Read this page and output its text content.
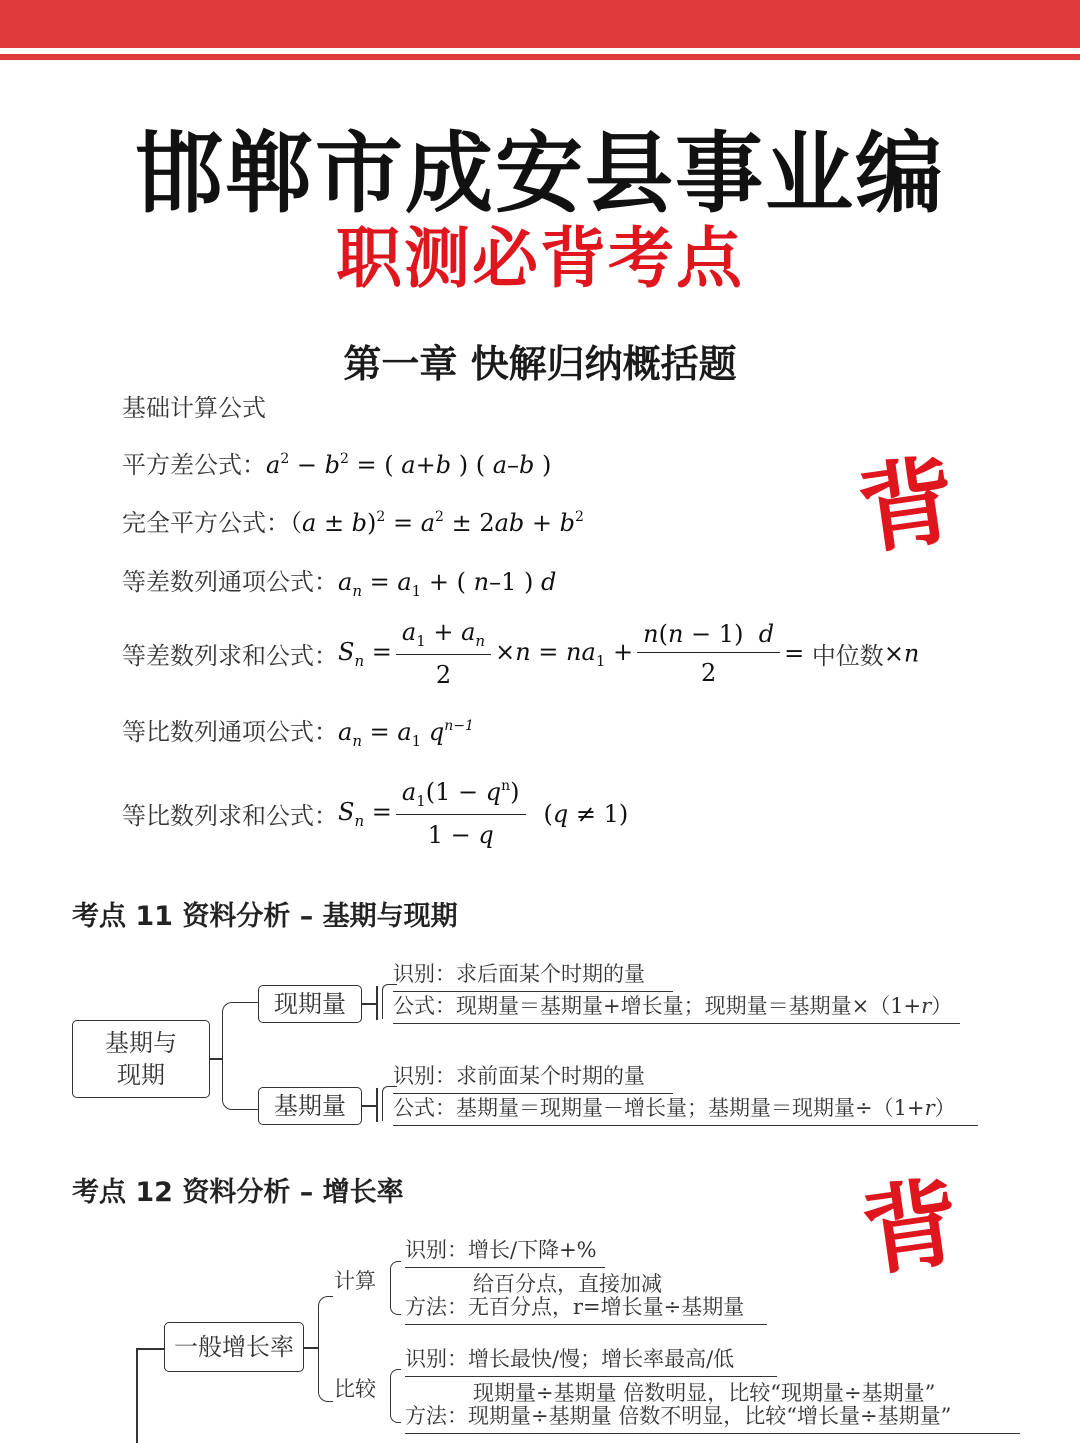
邯郸市成安县事业编
职测必背考点
第一章 快解归纳概括题
基础计算公式
平方差公式：$a^2 - b^2$ = ( a+b ) ( a–b )
完全平方公式：$(a \pm b)^2 = a^2 \pm 2ab + b^2$
等差数列通项公式：$a_n = a_1$ + ( n–1 ) d
等差数列求和公式：$S_n = \frac{a_1 + a_n}{2} \times n = na_1 + \frac{n(n - 1) d}{2}$ = 中位数×n
等比数列通项公式：$a_n = a_1$ $q^{n-1}$
等比数列求和公式：$S_n = \frac{a_1(1 - q^n)}{1 - q} (q \ne 1)$
背
背
考点 11 资料分析 – 基期与现期
基期与
现期
现期量
识别：求后面某个时期的量
公式：现期量＝基期量+增长量；现期量＝基期量×（1+r）
基期量
识别：求前面某个时期的量
公式：基期量＝现期量－增长量；基期量＝现期量÷（1+r）
考点 12 资料分析 – 增长率
一般增长率
计算
识别：增长/下降+%
给百分点，直接加减
方法：无百分点，r=增长量÷基期量
比较
识别：增长最快/慢；增长率最高/低
现期量÷基期量 倍数明显，比较“现期量÷基期量”
方法：现期量÷基期量 倍数不明显，比较“增长量÷基期量”
